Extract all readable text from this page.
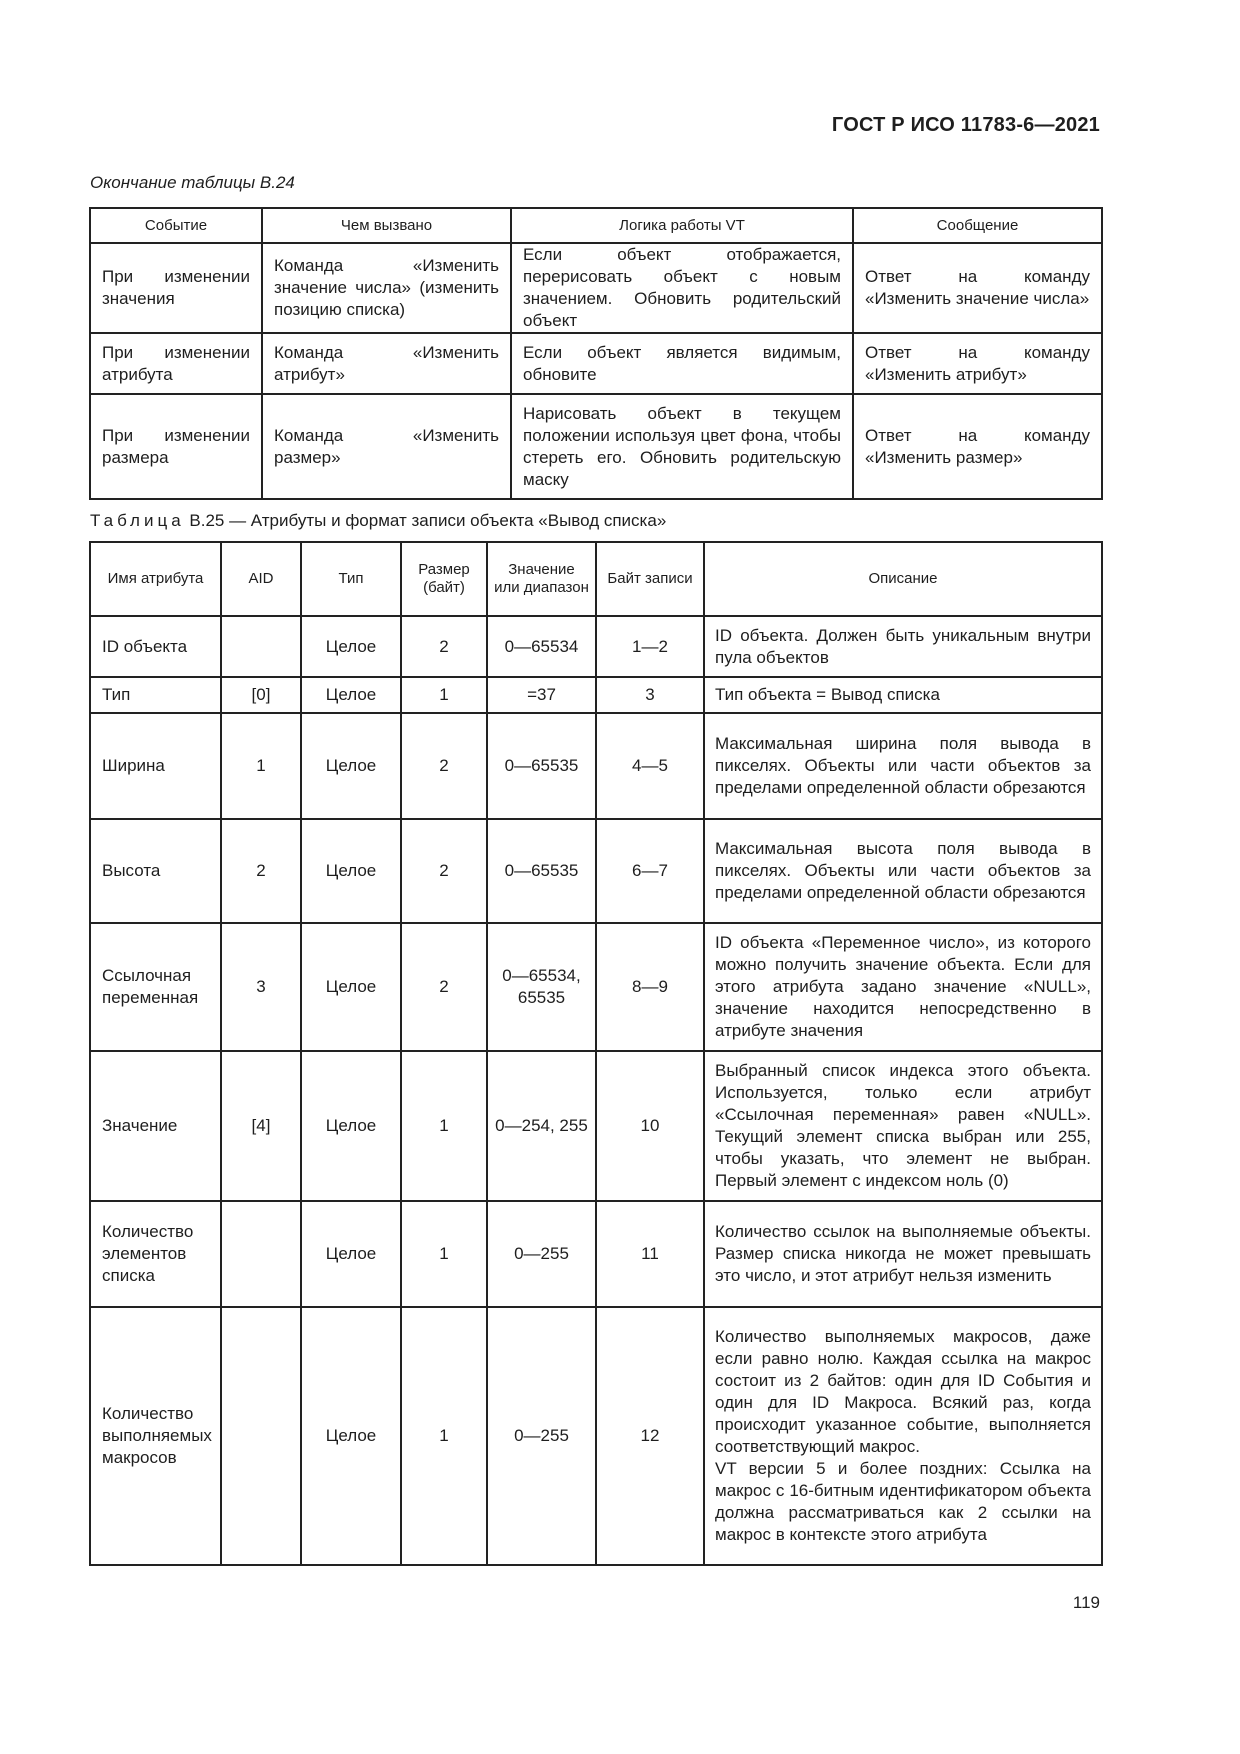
ГОСТ Р ИСО 11783-6—2021
Окончание таблицы B.24
Событие	Чем вызвано	Логика работы VT	Сообщение
При изменении значения	Команда «Изменить значение числа» (изменить позицию списка)	Если объект отображается, перерисовать объект с новым значением. Обновить родительский объект	Ответ на команду «Изменить значение числа»
При изменении атрибута	Команда «Изменить атрибут»	Если объект является видимым, обновите	Ответ на команду «Изменить атрибут»
При изменении размера	Команда «Изменить размер»	Нарисовать объект в текущем положении используя цвет фона, чтобы стереть его. Обновить родительскую маску	Ответ на команду «Изменить размер»
Таблица B.25 — Атрибуты и формат записи объекта «Вывод списка»
Имя атрибута	AID	Тип	Размер (байт)	Значение или диапазон	Байт записи	Описание
ID объекта		Целое	2	0—65534	1—2	ID объекта. Должен быть уникальным внутри пула объектов
Тип	[0]	Целое	1	=37	3	Тип объекта = Вывод списка
Ширина	1	Целое	2	0—65535	4—5	Максимальная ширина поля вывода в пикселях. Объекты или части объектов за пределами определенной области обрезаются
Высота	2	Целое	2	0—65535	6—7	Максимальная высота поля вывода в пикселях. Объекты или части объектов за пределами определенной области обрезаются
Ссылочная переменная	3	Целое	2	0—65534, 65535	8—9	ID объекта «Переменное число», из которого можно получить значение объекта. Если для этого атрибута задано значение «NULL», значение находится непосредственно в атрибуте значения
Значение	[4]	Целое	1	0—254, 255	10	Выбранный список индекса этого объекта. Используется, только если атрибут «Ссылочная переменная» равен «NULL». Текущий элемент списка выбран или 255, чтобы указать, что элемент не выбран. Первый элемент с индексом ноль (0)
Количество элементов списка		Целое	1	0—255	11	Количество ссылок на выполняемые объекты. Размер списка никогда не может превышать это число, и этот атрибут нельзя изменить
Количество выполняемых макросов		Целое	1	0—255	12	Количество выполняемых макросов, даже если равно нолю. Каждая ссылка на макрос состоит из 2 байтов: один для ID События и один для ID Макроса. Всякий раз, когда происходит указанное событие, выполняется соответствующий макрос.
VT версии 5 и более поздних: Ссылка на макрос с 16-битным идентификатором объекта должна рассматриваться как 2 ссылки на макрос в контексте этого атрибута
119
